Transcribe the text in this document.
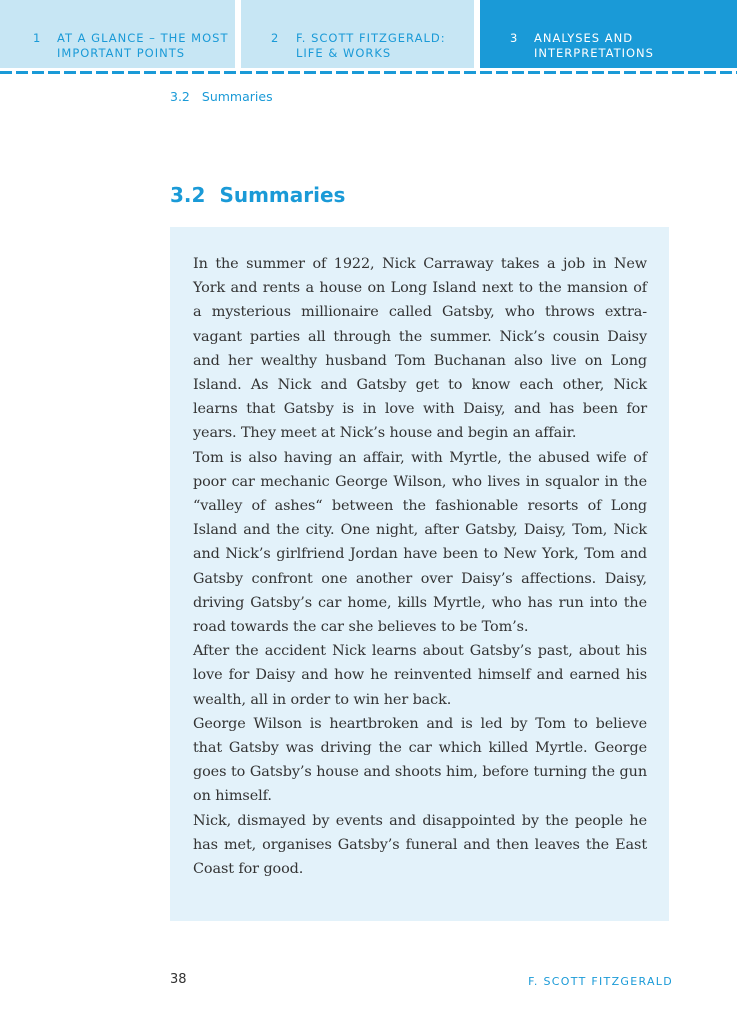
1 AT A GLANCE – THE MOST
IMPORTANT POINTS
2 F. SCOTT FITZGERALD:
LIFE & WORKS
3 ANALYSES AND
INTERPRETATIONS
3.2 Summaries
3.2 Summaries

In the summer of 1922, Nick Carraway takes a job in New York and rents a house on Long Island next to the mansion of a mysterious millionaire called Gatsby, who throws extra-vagant parties all through the summer. Nick’s cousin Daisy and her wealthy husband Tom Buchanan also live on Long Island. As Nick and Gatsby get to know each other, Nick learns that Gatsby is in love with Daisy, and has been for years. They meet at Nick’s house and begin an affair.

Tom is also having an affair, with Myrtle, the abused wife of poor car mechanic George Wilson, who lives in squalor in the “valley of ashes“ between the fashionable resorts of Long Island and the city. One night, after Gatsby, Daisy, Tom, Nick and Nick’s girlfriend Jordan have been to New York, Tom and Gatsby confront one another over Daisy’s affections. Daisy, driving Gatsby’s car home, kills Myrtle, who has run into the road towards the car she believes to be Tom’s.

After the accident Nick learns about Gatsby’s past, about his love for Daisy and how he reinvented himself and earned his wealth, all in order to win her back.

George Wilson is heartbroken and is led by Tom to believe that Gatsby was driving the car which killed Myrtle. George goes to Gatsby’s house and shoots him, before turning the gun on himself.

Nick, dismayed by events and disappointed by the people he has met, organises Gatsby’s funeral and then leaves the East Coast for good.

38	F. SCOTT FITZGERALD
